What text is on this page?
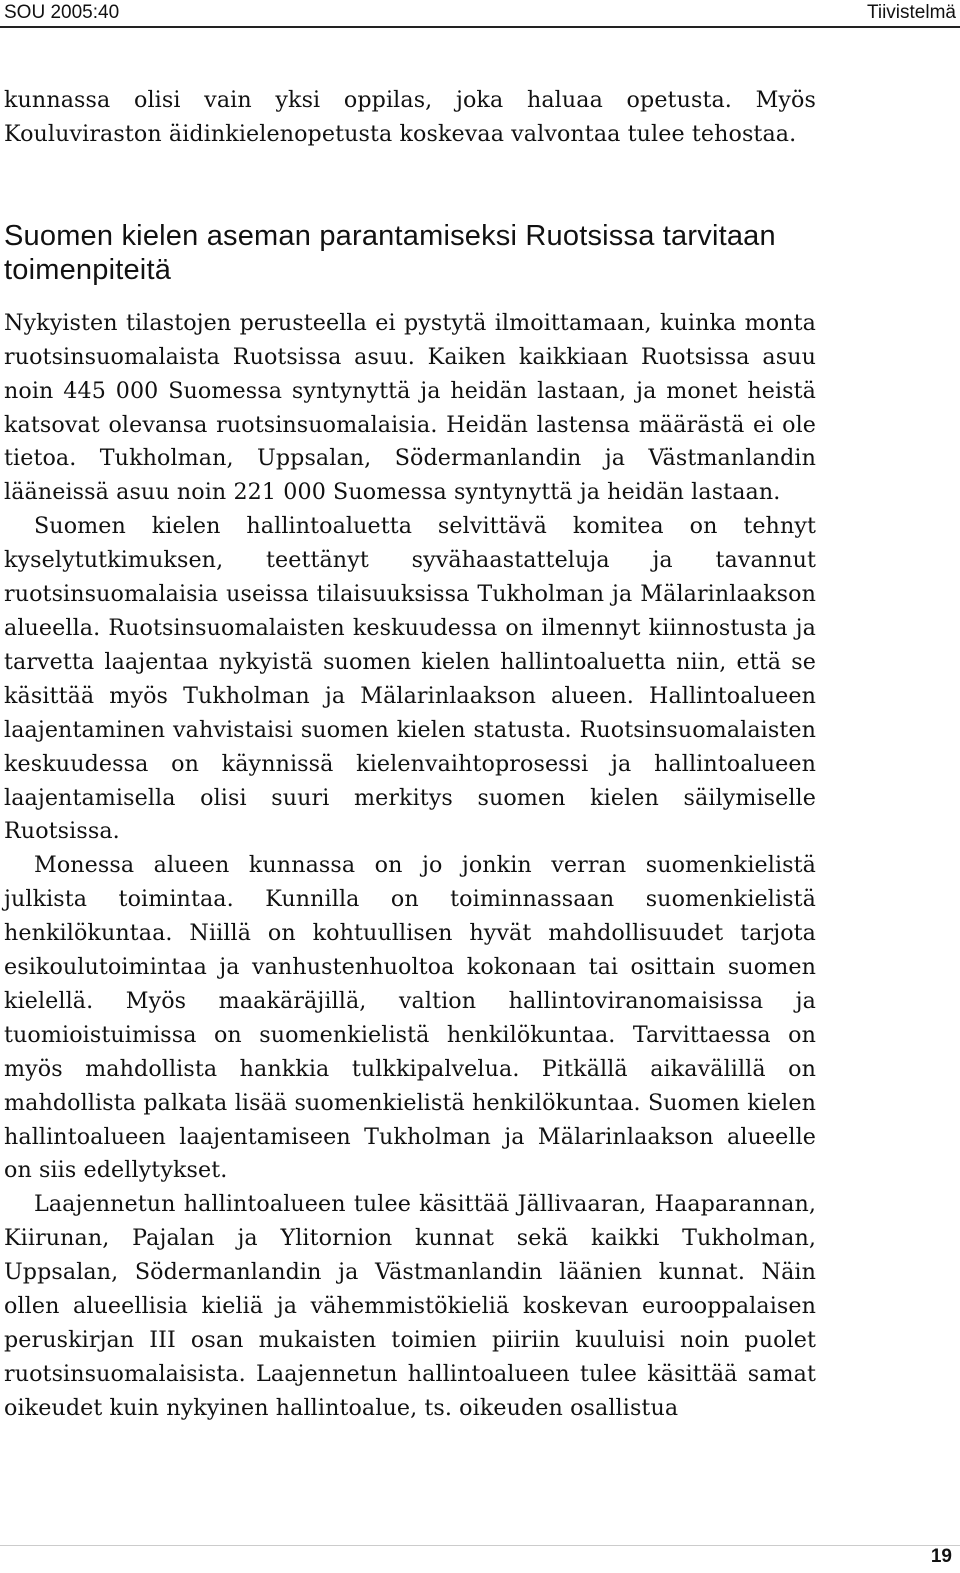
SOU 2005:40	Tiivistelmä

kunnassa olisi vain yksi oppilas, joka haluaa opetusta. Myös Kouluviraston äidinkielenopetusta koskevaa valvontaa tulee tehostaa.

Suomen kielen aseman parantamiseksi Ruotsissa tarvitaan toimenpiteitä

Nykyisten tilastojen perusteella ei pystytä ilmoittamaan, kuinka monta ruotsinsuomalaista Ruotsissa asuu. Kaiken kaikkiaan Ruotsissa asuu noin 445 000 Suomessa syntynyttä ja heidän lastaan, ja monet heistä katsovat olevansa ruotsinsuomalaisia. Heidän lastensa määrästä ei ole tietoa. Tukholman, Uppsalan, Södermanlandin ja Västmanlandin lääneissä asuu noin 221 000 Suomessa syntynyttä ja heidän lastaan.

Suomen kielen hallintoaluetta selvittävä komitea on tehnyt kyselytutkimuksen, teettänyt syvähaastatteluja ja tavannut ruotsinsuomalaisia useissa tilaisuuksissa Tukholman ja Mälarinlaakson alueella. Ruotsinsuomalaisten keskuudessa on ilmennyt kiinnostusta ja tarvetta laajentaa nykyistä suomen kielen hallintoaluetta niin, että se käsittää myös Tukholman ja Mälarinlaakson alueen. Hallintoalueen laajentaminen vahvistaisi suomen kielen statusta. Ruotsinsuomalaisten keskuudessa on käynnissä kielenvaihtoprosessi ja hallintoalueen laajentamisella olisi suuri merkitys suomen kielen säilymiselle Ruotsissa.

Monessa alueen kunnassa on jo jonkin verran suomenkielistä julkista toimintaa. Kunnilla on toiminnassaan suomenkielistä henkilökuntaa. Niillä on kohtuullisen hyvät mahdollisuudet tarjota esikoulutoimintaa ja vanhustenhuoltoa kokonaan tai osittain suomen kielellä. Myös maakäräjillä, valtion hallintoviranomaisissa ja tuomioistuimissa on suomenkielistä henkilökuntaa. Tarvittaessa on myös mahdollista hankkia tulkkipalvelua. Pitkällä aikavälillä on mahdollista palkata lisää suomenkielistä henkilökuntaa. Suomen kielen hallintoalueen laajentamiseen Tukholman ja Mälarinlaakson alueelle on siis edellytykset.

Laajennetun hallintoalueen tulee käsittää Jällivaaran, Haaparannan, Kiirunan, Pajalan ja Ylitornion kunnat sekä kaikki Tukholman, Uppsalan, Södermanlandin ja Västmanlandin läänien kunnat. Näin ollen alueellisia kieliä ja vähemmistökieliä koskevan eurooppalaisen peruskirjan III osan mukaisten toimien piiriin kuuluisi noin puolet ruotsinsuomalaisista. Laajennetun hallintoalueen tulee käsittää samat oikeudet kuin nykyinen hallintoalue, ts. oikeuden osallistua

19
